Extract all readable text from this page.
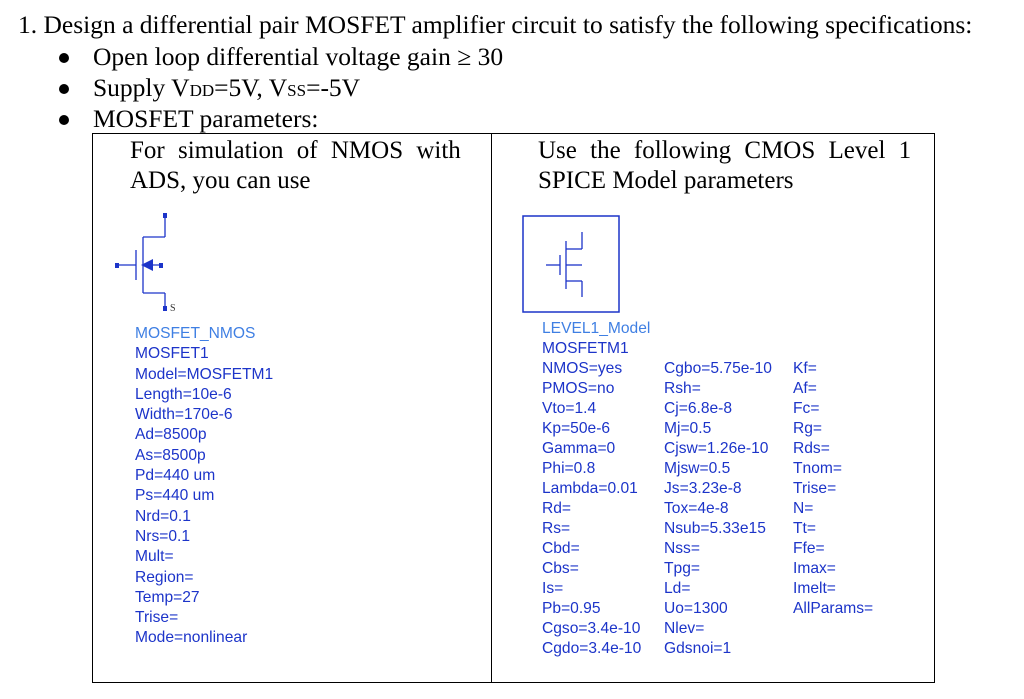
1. Design a differential pair MOSFET amplifier circuit to satisfy the following specifications:
Open loop differential voltage gain ≥ 30
Supply VDD=5V, VSS=-5V
MOSFET parameters:
For simulation of NMOS with
ADS, you can use
Use the following CMOS Level 1
SPICE Model parameters
S
MOSFET_NMOS
MOSFET1
Model=MOSFETM1
Length=10e-6
Width=170e-6
Ad=8500p
As=8500p
Pd=440 um
Ps=440 um
Nrd=0.1
Nrs=0.1
Mult=
Region=
Temp=27
Trise=
Mode=nonlinear
LEVEL1_Model
MOSFETM1
NMOS=yes
PMOS=no
Vto=1.4
Kp=50e-6
Gamma=0
Phi=0.8
Lambda=0.01
Rd=
Rs=
Cbd=
Cbs=
Is=
Pb=0.95
Cgso=3.4e-10
Cgdo=3.4e-10
Cgbo=5.75e-10
Rsh=
Cj=6.8e-8
Mj=0.5
Cjsw=1.26e-10
Mjsw=0.5
Js=3.23e-8
Tox=4e-8
Nsub=5.33e15
Nss=
Tpg=
Ld=
Uo=1300
Nlev=
Gdsnoi=1
Kf=
Af=
Fc=
Rg=
Rds=
Tnom=
Trise=
N=
Tt=
Ffe=
Imax=
Imelt=
AllParams=
